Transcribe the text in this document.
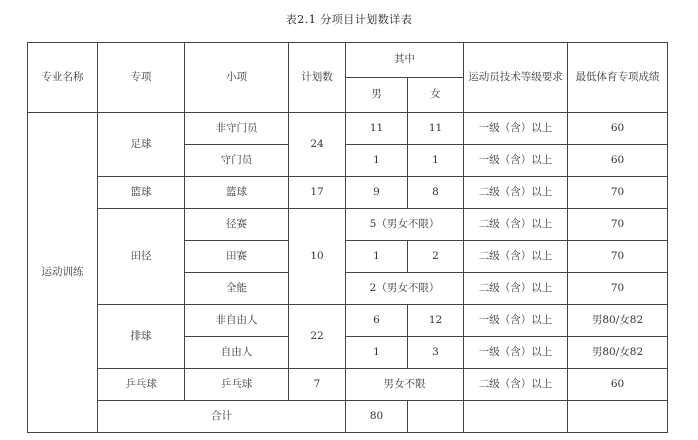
表2.1 分项目计划数详表
专业名称	专项	小项	计划数	其中		运动员技术等级要求	最低体育专项成绩	
				男	女			
运动训练	足球	非守门员	24	11	11	一级（含）以上	60	
		守门员		1	1	一级（含）以上	60	
	篮球	篮球	17	9	8	二级（含）以上	70	
	田径	径赛	10	5（男女不限）		二级（含）以上	70	
		田赛		1	2	二级（含）以上	70	
		全能		2（男女不限）		二级（含）以上	70	
	排球	非自由人	22	6	12	一级（含）以上	男80/女82	
		自由人		1	3	一级（含）以上	男80/女82	
	乒乓球	乒乓球	7	男女不限		二级（含）以上	60	
	合计			80				
